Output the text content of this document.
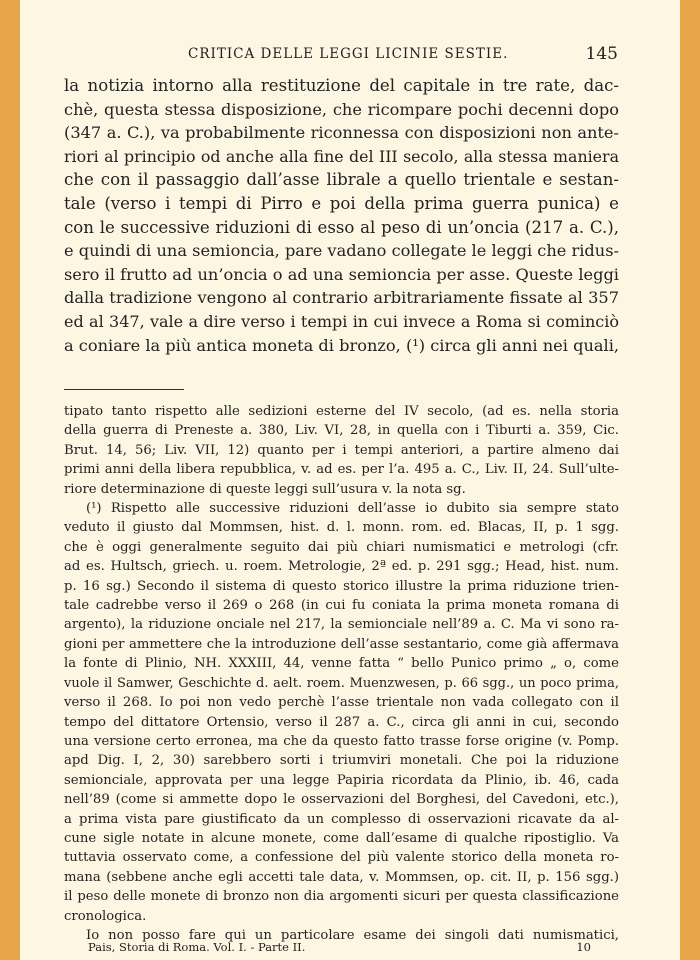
CRITICA DELLE LEGGI LICINIE SESTIE.	145
la notizia intorno alla restituzione del capitale in tre rate, dac-
chè, questa stessa disposizione, che ricompare pochi decenni dopo
(347 a. C.), va probabilmente riconnessa con disposizioni non ante-
riori al principio od anche alla fine del III secolo, alla stessa maniera
che con il passaggio dall’asse librale a quello trientale e sestan-
tale (verso i tempi di Pirro e poi della prima guerra punica) e
con le successive riduzioni di esso al peso di un’oncia (217 a. C.),
e quindi di una semioncia, pare vadano collegate le leggi che ridus-
sero il frutto ad un’oncia o ad una semioncia per asse. Queste leggi
dalla tradizione vengono al contrario arbitrariamente fissate al 357
ed al 347, vale a dire verso i tempi in cui invece a Roma si cominciò
a coniare la più antica moneta di bronzo, (¹) circa gli anni nei quali,
tipato tanto rispetto alle sedizioni esterne del IV secolo, (ad es. nella storia
della guerra di Preneste a. 380, Liv. VI, 28, in quella con i Tiburti a. 359, Cic.
Brut. 14, 56; Liv. VII, 12) quanto per i tempi anteriori, a partire almeno dai
primi anni della libera repubblica, v. ad es. per l’a. 495 a. C., Liv. II, 24. Sull’ulte-
riore determinazione di queste leggi sull’usura v. la nota sg.
(¹) Rispetto alle successive riduzioni dell’asse io dubito sia sempre stato
veduto il giusto dal Mommsen, hist. d. l. monn. rom. ed. Blacas, II, p. 1 sgg.
che è oggi generalmente seguito dai più chiari numismatici e metrologi (cfr.
ad es. Hultsch, griech. u. roem. Metrologie, 2ª ed. p. 291 sgg.; Head, hist. num.
p. 16 sg.) Secondo il sistema di questo storico illustre la prima riduzione trien-
tale cadrebbe verso il 269 o 268 (in cui fu coniata la prima moneta romana di
argento), la riduzione onciale nel 217, la semionciale nell’89 a. C. Ma vi sono ra-
gioni per ammettere che la introduzione dell’asse sestantario, come già affermava
la fonte di Plinio, NH. XXXIII, 44, venne fatta “ bello Punico primo „ o, come
vuole il Samwer, Geschichte d. aelt. roem. Muenzwesen, p. 66 sgg., un poco prima,
verso il 268. Io poi non vedo perchè l’asse trientale non vada collegato con il
tempo del dittatore Ortensio, verso il 287 a. C., circa gli anni in cui, secondo
una versione certo erronea, ma che da questo fatto trasse forse origine (v. Pomp.
apd Dig. I, 2, 30) sarebbero sorti i triumviri monetali. Che poi la riduzione
semionciale, approvata per una legge Papiria ricordata da Plinio, ib. 46, cada
nell’89 (come si ammette dopo le osservazioni del Borghesi, del Cavedoni, etc.),
a prima vista pare giustificato da un complesso di osservazioni ricavate da al-
cune sigle notate in alcune monete, come dall’esame di qualche ripostiglio. Va
tuttavia osservato come, a confessione del più valente storico della moneta ro-
mana (sebbene anche egli accetti tale data, v. Mommsen, op. cit. II, p. 156 sgg.)
il peso delle monete di bronzo non dia argomenti sicuri per questa classificazione
cronologica.
Io non posso fare qui un particolare esame dei singoli dati numismatici,
Pais, Storia di Roma. Vol. I. - Parte II.	10
